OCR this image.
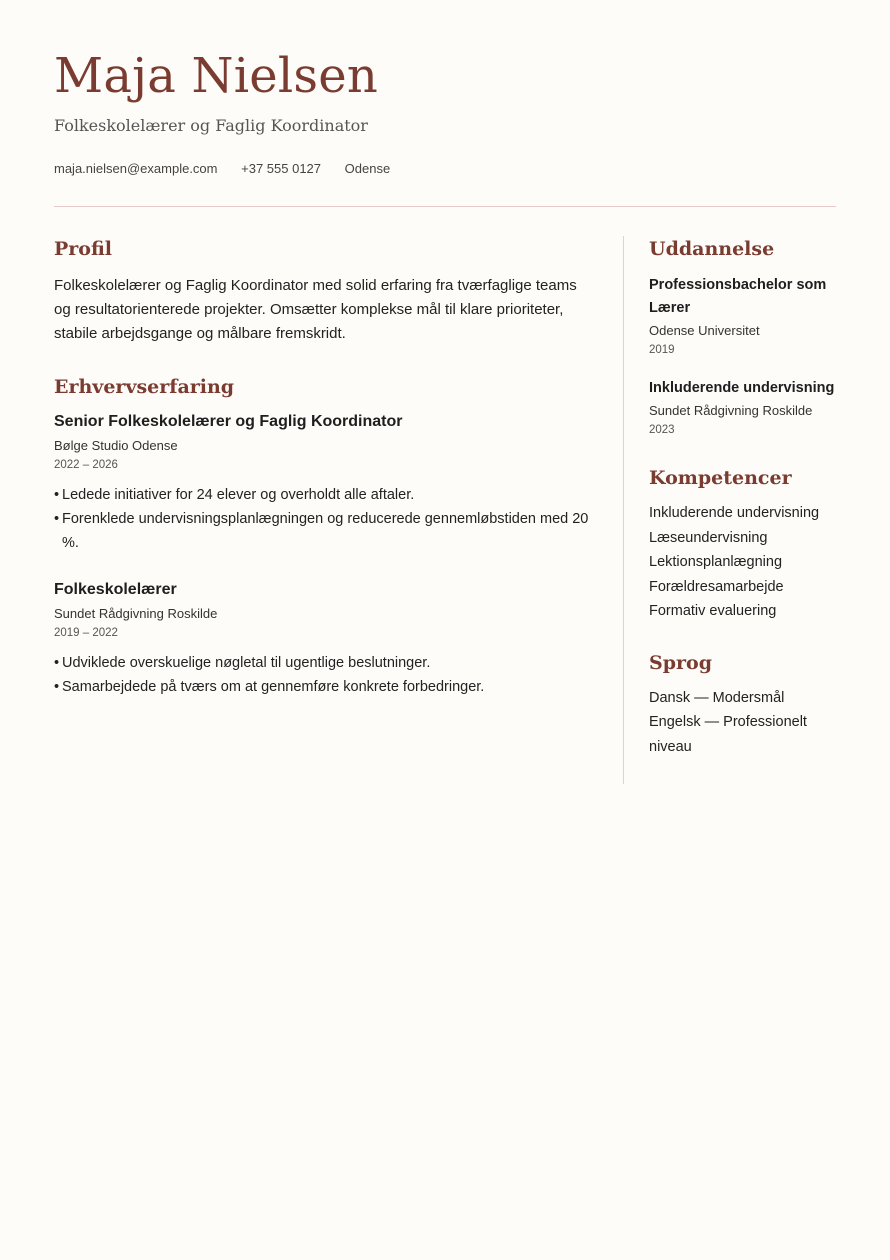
Maja Nielsen
Folkeskolelærer og Faglig Koordinator
maja.nielsen@example.com +37 555 0127 Odense
Profil

Folkeskolelærer og Faglig Koordinator med solid erfaring fra tværfaglige teams og resultatorienterede projekter. Omsætter komplekse mål til klare prioriteter, stabile arbejdsgange og målbare fremskridt.

Erhvervserfaring
Senior Folkeskolelærer og Faglig Koordinator
Bølge Studio Odense
2022 – 2026
• Ledede initiativer for 24 elever og overholdt alle aftaler.
• Forenklede undervisningsplanlægningen og reducerede gennemløbstiden med 20 %.
Folkeskolelærer
Sundet Rådgivning Roskilde
2019 – 2022
• Udviklede overskuelige nøgletal til ugentlige beslutninger.
• Samarbejdede på tværs om at gennemføre konkrete forbedringer.
Uddannelse
Professionsbachelor som Lærer
Odense Universitet
2019
Inkluderende undervisning
Sundet Rådgivning Roskilde
2023
Kompetencer
Inkluderende undervisning
Læseundervisning
Lektionsplanlægning
Forældresamarbejde
Formativ evaluering
Sprog
Dansk — Modersmål
Engelsk — Professionelt niveau
